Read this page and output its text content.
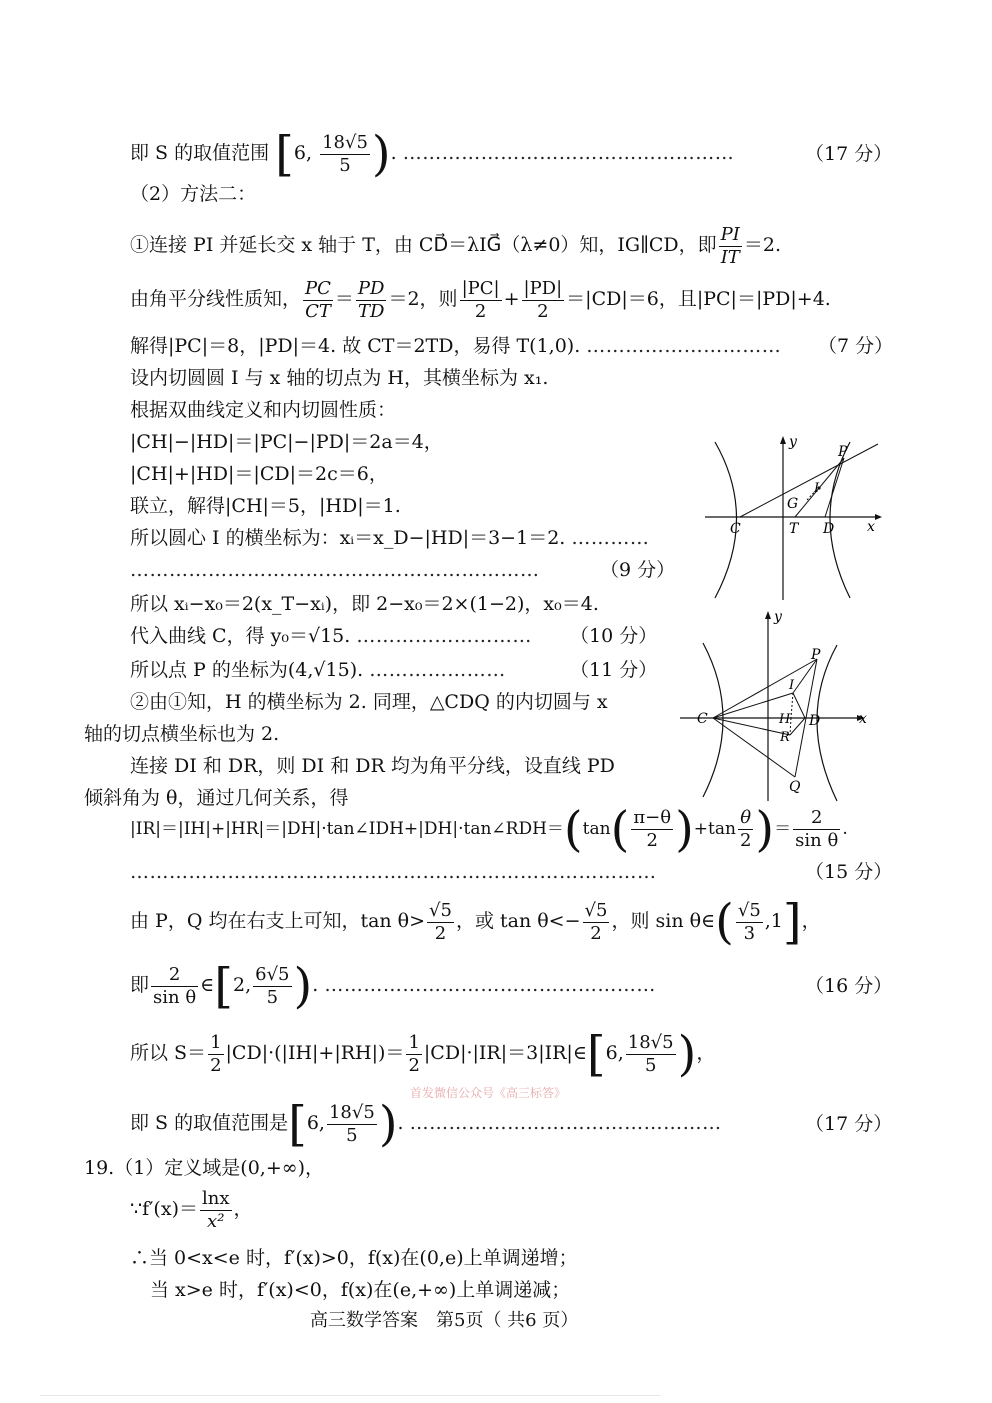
即 S 的取值范围 [6, $\frac{18√5}{5}$ ). ……………………………………………	（17 分）
（2）方法二：
①连接 PI 并延长交 x 轴于 T，由 CD⃗＝λIG⃗（λ≠0）知，IG∥CD，即 $\frac{PI}{IT} =2$.
由角平分线性质知， $\frac{PC}{CT} = \frac{PD}{TD} =2$，则 $\frac{|PC|}{2} + \frac{|PD|}{2} =|CD|=6$，且|PC|＝|PD|+4.
解得|PC|＝8，|PD|＝4. 故 CT＝2TD，易得 T(1,0). ………………………… （7 分）
设内切圆圆 I 与 x 轴的切点为 H，其横坐标为 x₁.
根据双曲线定义和内切圆性质：
|CH|−|HD|＝|PC|−|PD|＝2a＝4，
|CH|+|HD|＝|CD|＝2c＝6，
联立，解得|CH|＝5，|HD|＝1.
所以圆心 I 的横坐标为：xᵢ＝x_D−|HD|＝3−1＝2. …………
………………………………………………………	（9 分）
所以 xᵢ−x₀＝2(x_T−xᵢ)，即 2−x₀＝2×(1−2)，x₀＝4.
代入曲线 C，得 y₀＝√15. ……………………… （10 分）
所以点 P 的坐标为(4,√15). …………………	（11 分）
②由①知，H 的横坐标为 2. 同理，△CDQ 的内切圆与 x
轴的切点横坐标也为 2.
连接 DI 和 DR，则 DI 和 DR 均为角平分线，设直线 PD
倾斜角为 θ，通过几何关系，得
|IR|＝|IH|+|HR|＝|DH|·tan∠IDH+|DH|·tan∠RDH＝(tan( $\frac{\pi-\theta}{2} )+\tan \frac{\theta}{2}$ )＝ $\frac{2}{\text{sin θ}}$ .
………………………………………………………………………	（15 分）
由 P，Q 均在右支上可知，$\tan \theta> \frac{√5}{2}$ ，或 $\tan \theta<- \frac{√5}{2}$ ，则 sin θ∈( $\frac{√5}{3} ,1$]，
即 $\frac{2}{\text{sin θ}}$ ∈[2, $\frac{6√5}{5}$ ). ……………………………………………	（16 分）
所以 $S= \frac{1}{2} |CD|\cdot(|IH|+|RH|)= \frac{1}{2}$ |CD|·|IR|＝3|IR|∈[6, $\frac{18√5}{5}$ )，
首发微信公众号《高三标答》
即 S 的取值范围是[6, $\frac{18√5}{5}$ ). …………………………………………	（17 分）
19.（1）定义域是(0,+∞)，
∵f′(x)＝ $\frac{\ln x}{\text{x²}}$ ，
∴当 0<x<e 时，f′(x)>0，f(x)在(0,e)上单调递增；
当 x>e 时，f′(x)<0，f(x)在(e,+∞)上单调递减；
高三数学答案　第5页（ 共6 页）
y
P
G
I
C	T D x
y
P
I
C	H D	x
R
Q
